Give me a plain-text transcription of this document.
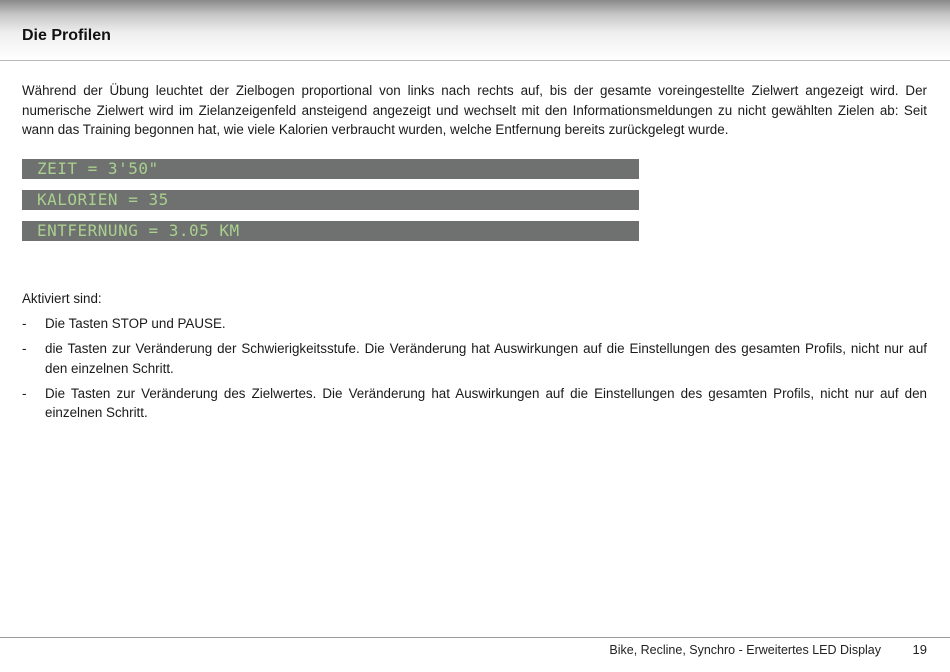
Die Profilen

Während der Übung leuchtet der Zielbogen proportional von links nach rechts auf, bis der gesamte voreingestellte Zielwert angezeigt wird. Der numerische Zielwert wird im Zielanzeigenfeld ansteigend angezeigt und wechselt mit den Informationsmeldungen zu nicht gewählten Zielen ab: Seit wann das Training begonnen hat, wie viele Kalorien verbraucht wurden, welche Entfernung bereits zurückgelegt wurde.

ZEIT = 3'50"
KALORIEN = 35
ENTFERNUNG = 3.05 KM

Aktiviert sind:

- Die Tasten STOP und PAUSE.
- die Tasten zur Veränderung der Schwierigkeitsstufe. Die Veränderung hat Auswirkungen auf die Einstellungen des gesamten Profils, nicht nur auf den einzelnen Schritt.
- Die Tasten zur Veränderung des Zielwertes. Die Veränderung hat Auswirkungen auf die Einstellungen des gesamten Profils, nicht nur auf den einzelnen Schritt.
Bike, Recline, Synchro - Erweitertes LED Display 19
